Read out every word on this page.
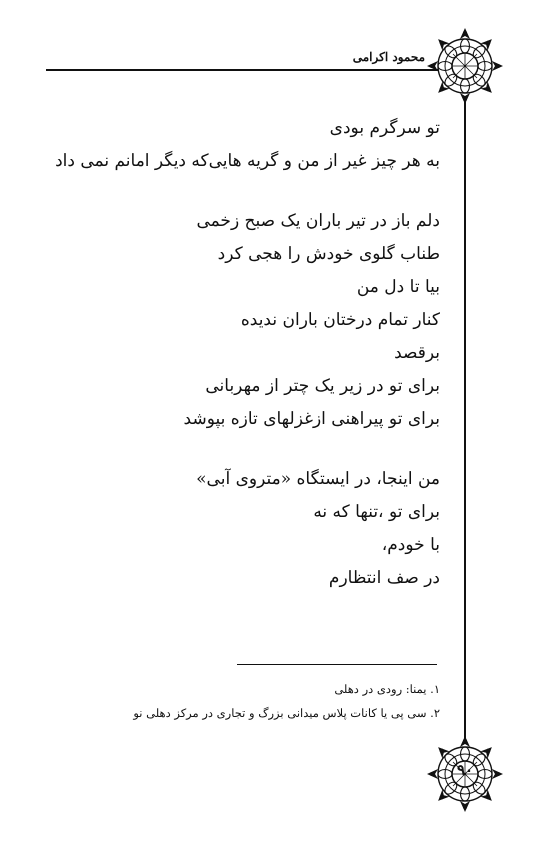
محمود اکرامی
تو سرگرم بودی
به هر چیز غیر از من و گریه هایی‌که دیگر امانم نمی داد
دلم باز در تیر باران یک صبح زخمی
طناب گلوی خودش را هجی کرد
بیا تا دل من
کنار تمام درختان باران ندیده
برقصد
برای تو در زیر یک چتر از مهربانی
برای تو پیراهنی ازغزلهای تازه بپوشد
من اینجا، در ایستگاه «متروی آبی»
برای تو ،تنها که نه
با خودم،
در صف انتظارم
۱. یمنا: رودی در دهلی
۲. سی پی یا کانات پلاس میدانی بزرگ و تجاری در مرکز دهلی نو
۹۰
